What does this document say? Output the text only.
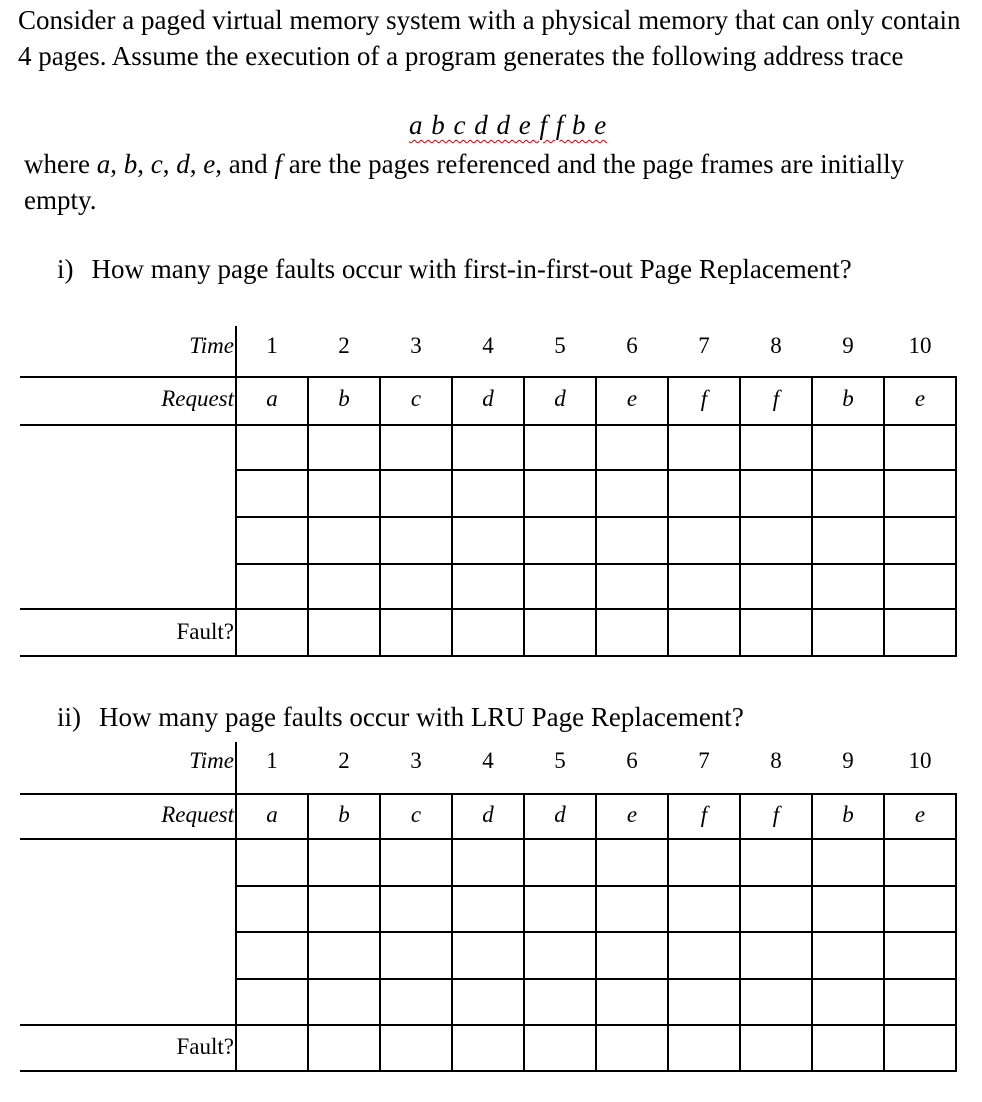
Consider a paged virtual memory system with a physical memory that can only contain 4 pages. Assume the execution of a program generates the following address trace

a b c d d e f f b e

where a, b, c, d, e, and f are the pages referenced and the page frames are initially empty.

i) How many page faults occur with first-in-first-out Page Replacement?
ii) How many page faults occur with LRU Page Replacement?
Time
Request
Fault?
1
a
2
b
3
c
4
d
5
d
6
e
7
f
8
f
9
b
10
e
Time
Request
Fault?
1
a
2
b
3
c
4
d
5
d
6
e
7
f
8
f
9
b
10
e
